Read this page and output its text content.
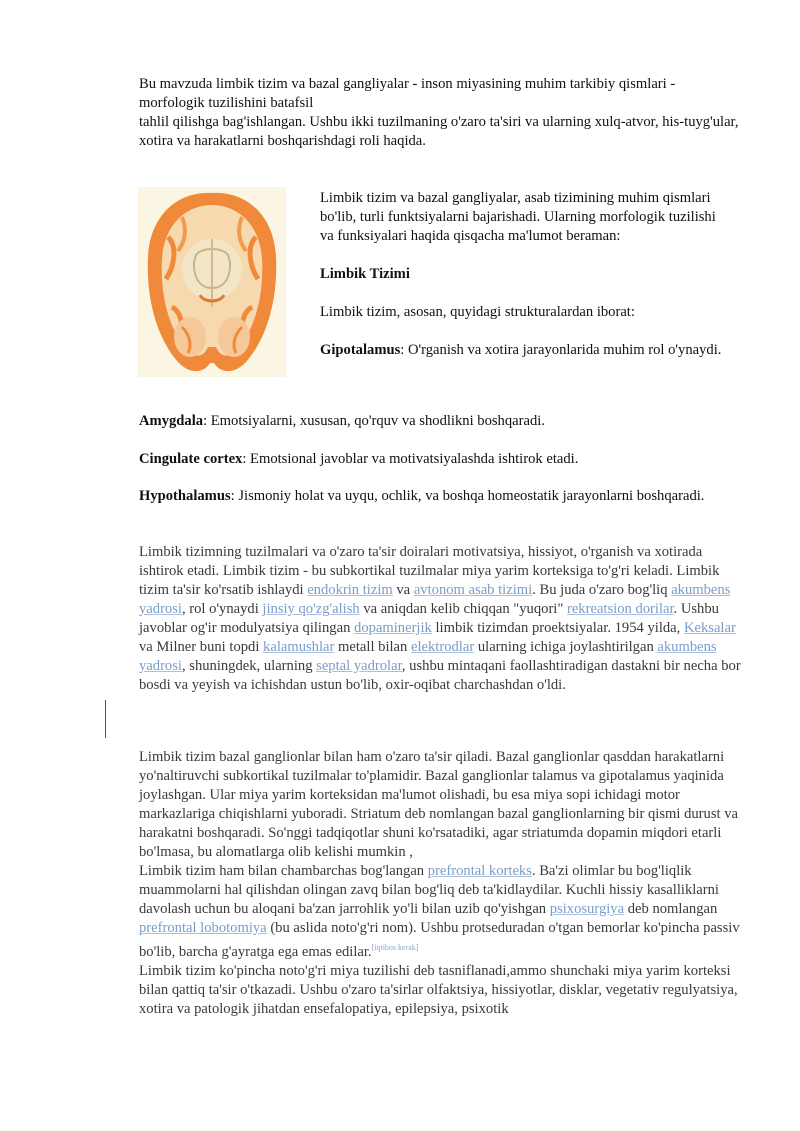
Bu mavzuda limbik tizim va bazal gangliyalar - inson miyasining muhim tarkibiy qismlari - morfologik tuzilishini batafsil
tahlil qilishga bag'ishlangan. Ushbu ikki tuzilmaning o'zaro ta'siri va ularning xulq-atvor, his-tuyg'ular, xotira va harakatlarni boshqarishdagi roli haqida.

Limbik tizim va bazal gangliyalar, asab tizimining muhim qismlari bo'lib, turli funktsiyalarni bajarishadi. Ularning morfologik tuzilishi va funksiyalari haqida qisqacha ma'lumot beraman:

Limbik Tizimi

Limbik tizim, asosan, quyidagi strukturalardan iborat:

Gipotalamus: O'rganish va xotira jarayonlarida muhim rol o'ynaydi.

Amygdala: Emotsiyalarni, xususan, qo'rquv va shodlikni boshqaradi.

Cingulate cortex: Emotsional javoblar va motivatsiyalashda ishtirok etadi.

Hypothalamus: Jismoniy holat va uyqu, ochlik, va boshqa homeostatik jarayonlarni boshqaradi.

Limbik tizimning tuzilmalari va o'zaro ta'sir doiralari motivatsiya, hissiyot, o'rganish va xotirada ishtirok etadi. Limbik tizim - bu subkortikal tuzilmalar miya yarim korteksiga to'g'ri keladi. Limbik tizim ta'sir ko'rsatib ishlaydi endokrin tizim va avtonom asab tizimi. Bu juda o'zaro bog'liq akumbens yadrosi, rol o'ynaydi jinsiy qo'zg'alish va aniqdan kelib chiqqan "yuqori" rekreatsion dorilar. Ushbu javoblar og'ir modulyatsiya qilingan dopaminerjik limbik tizimdan proektsiyalar. 1954 yilda, Keksalar va Milner buni topdi kalamushlar metall bilan elektrodlar ularning ichiga joylashtirilgan akumbens yadrosi, shuningdek, ularning septal yadrolar, ushbu mintaqani faollashtiradigan dastakni bir necha bor bosdi va yeyish va ichishdan ustun bo'lib, oxir-oqibat charchashdan o'ldi.

Limbik tizim bazal ganglionlar bilan ham o'zaro ta'sir qiladi. Bazal ganglionlar qasddan harakatlarni yo'naltiruvchi subkortikal tuzilmalar to'plamidir. Bazal ganglionlar talamus va gipotalamus yaqinida joylashgan. Ular miya yarim korteksidan ma'lumot olishadi, bu esa miya sopi ichidagi motor markazlariga chiqishlarni yuboradi. Striatum deb nomlangan bazal ganglionlarning bir qismi durust va harakatni boshqaradi. So'nggi tadqiqotlar shuni ko'rsatadiki, agar striatumda dopamin miqdori etarli bo'lmasa, bu alomatlarga olib kelishi mumkin ,
Limbik tizim ham bilan chambarchas bog'langan prefrontal korteks. Ba'zi olimlar bu bog'liqlik muammolarni hal qilishdan olingan zavq bilan bog'liq deb ta'kidlaydilar. Kuchli hissiy kasalliklarni davolash uchun bu aloqani ba'zan jarrohlik yo'li bilan uzib qo'yishgan psixosurgiya deb nomlangan prefrontal lobotomiya (bu aslida noto'g'ri nom). Ushbu protseduradan o'tgan bemorlar ko'pincha passiv bo'lib, barcha g'ayratga ega emas edilar.[iqtibos kerak]
Limbik tizim ko'pincha noto'g'ri miya tuzilishi deb tasniflanadi,ammo shunchaki miya yarim korteksi bilan qattiq ta'sir o'tkazadi. Ushbu o'zaro ta'sirlar olfaktsiya, hissiyotlar, disklar, vegetativ regulyatsiya, xotira va patologik jihatdan ensefalopatiya, epilepsiya, psixotik
